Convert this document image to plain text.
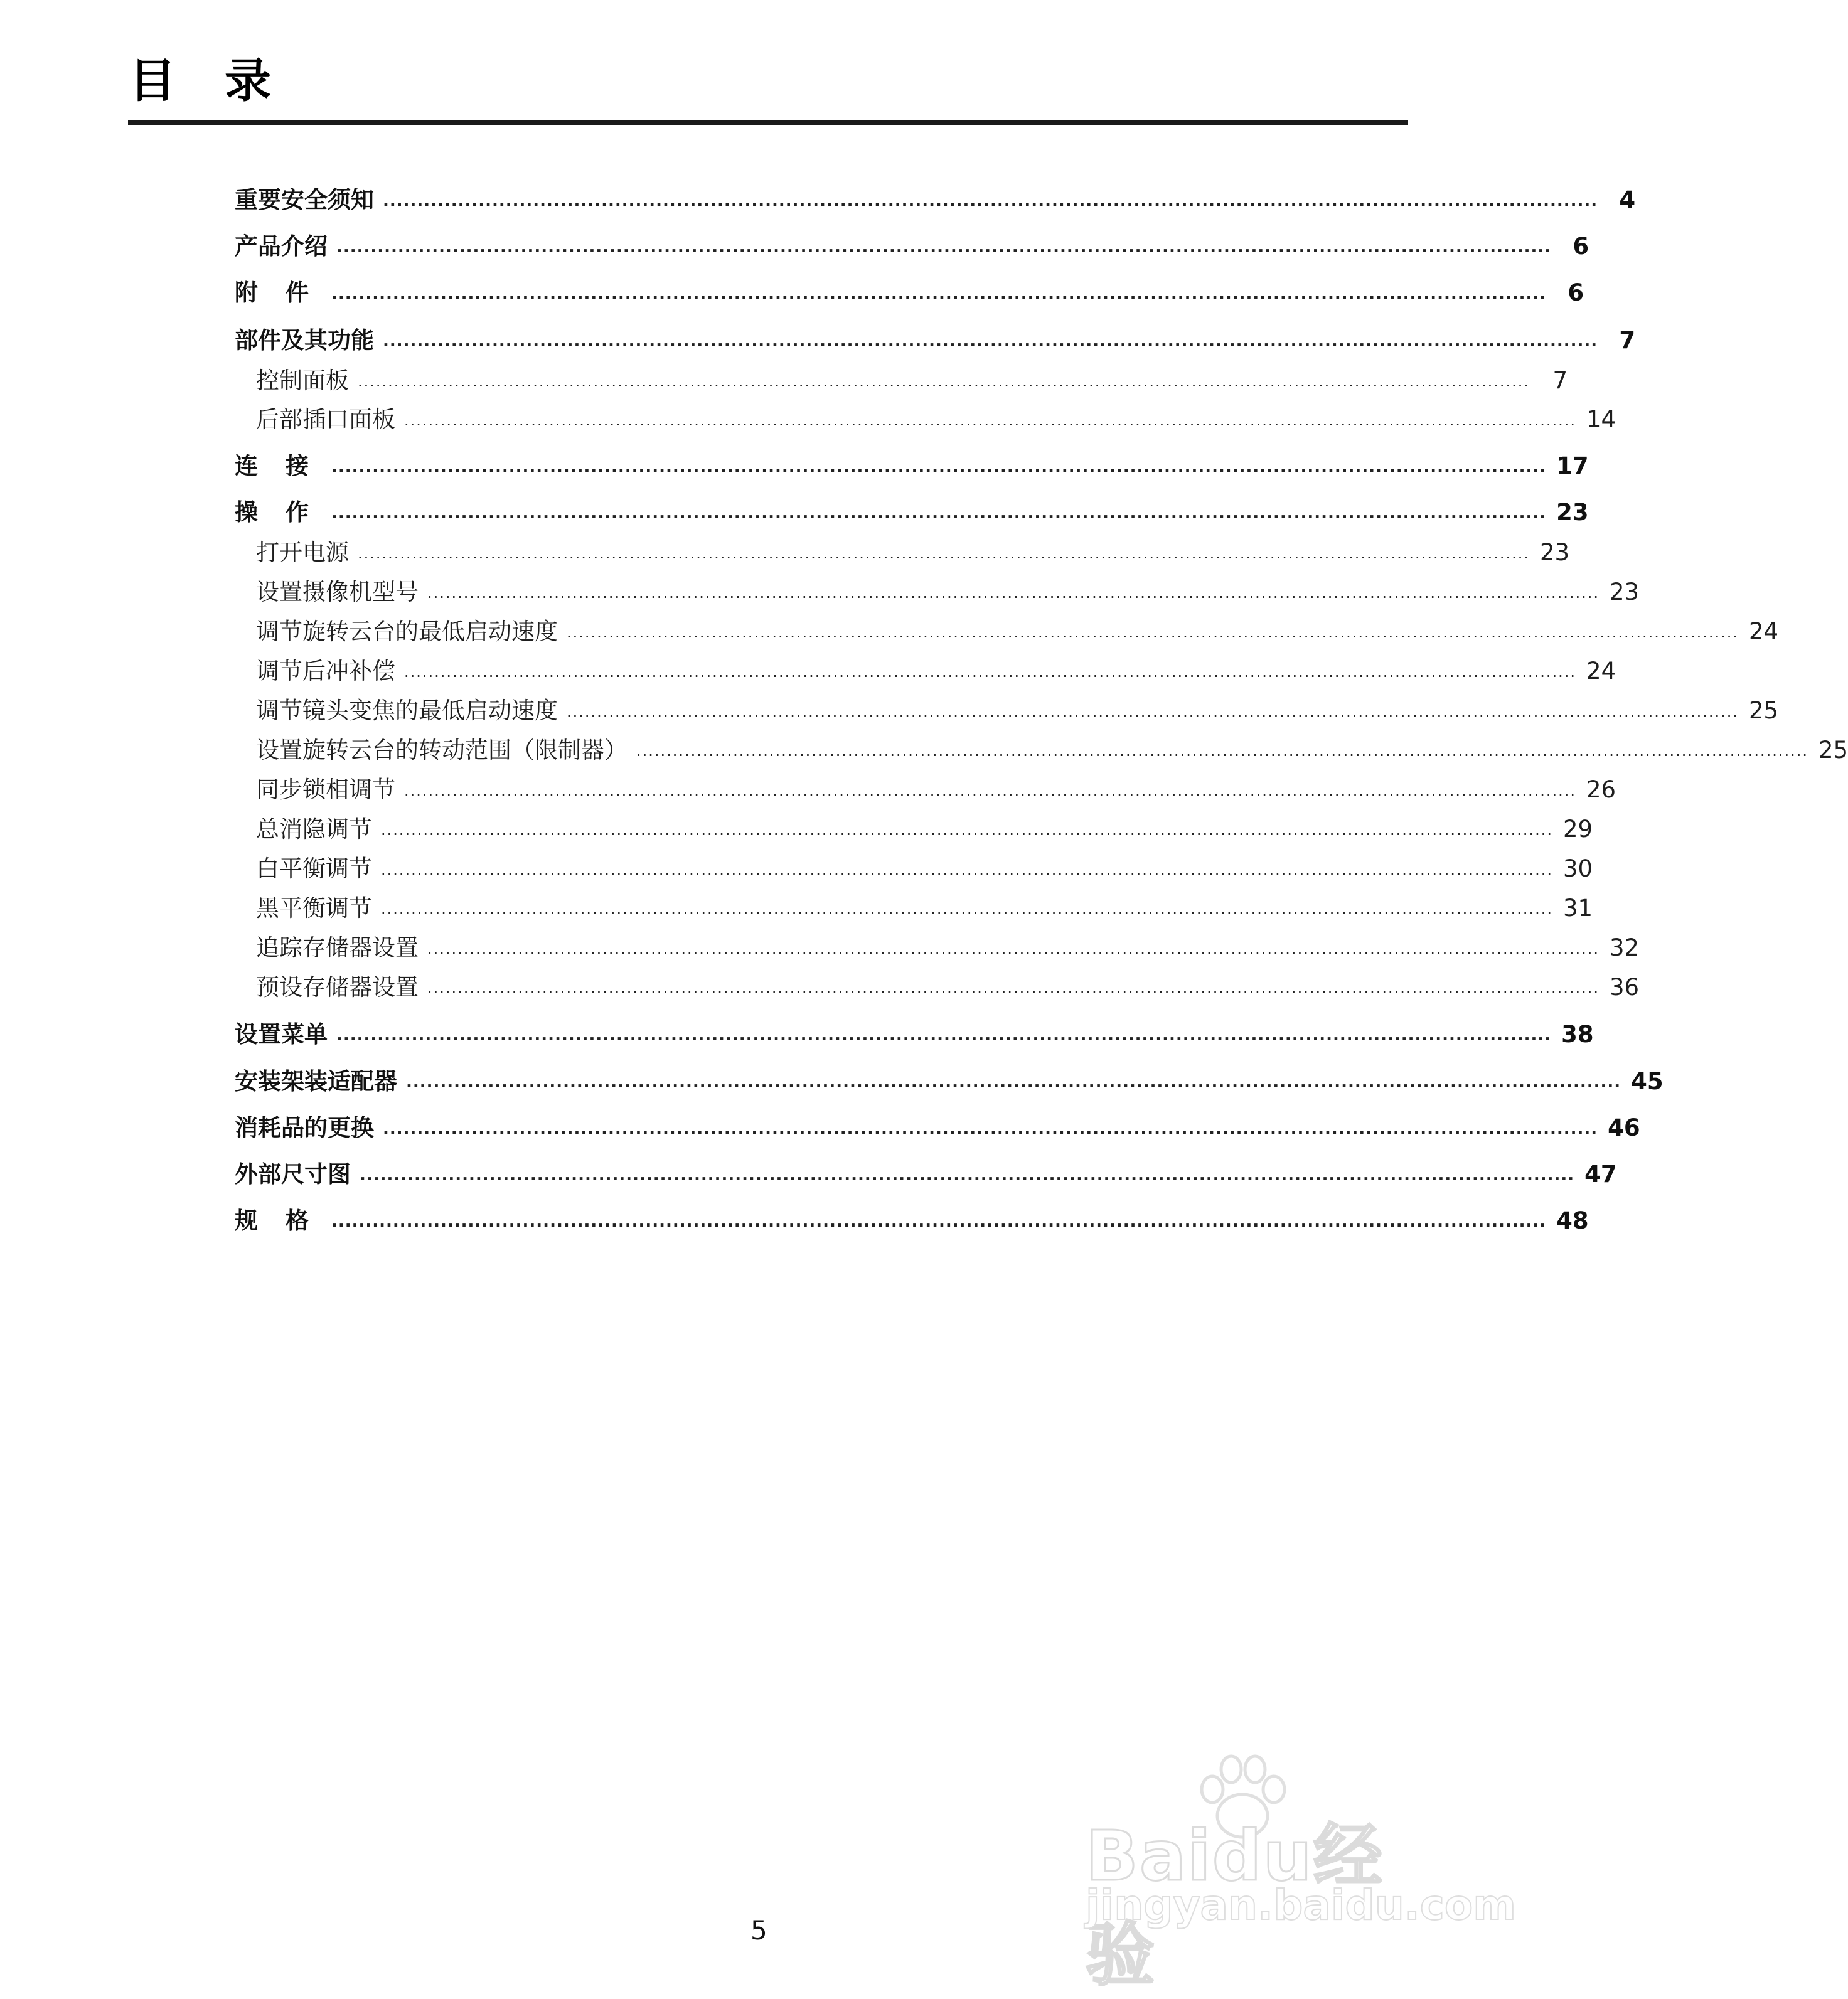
目录
重要安全须知 .................................................................................................................................................................................. 4
产品介绍 .................................................................................................................................................................................. 6
附件
.................................................................................................................................................................................. 6
部件及其功能 .................................................................................................................................................................................. 7
控制面板 .................................................................................................................................................................................................. 7
后部插口面板 .................................................................................................................................................................................................. 14
连接
.................................................................................................................................................................................. 17
操作
.................................................................................................................................................................................. 23
打开电源 .................................................................................................................................................................................................. 23
设置摄像机型号 .................................................................................................................................................................................................. 23
调节旋转云台的最低启动速度 .................................................................................................................................................................................................. 24
调节后冲补偿 .................................................................................................................................................................................................. 24
调节镜头变焦的最低启动速度 .................................................................................................................................................................................................. 25
设置旋转云台的转动范围（限制器） .................................................................................................................................................................................................. 25
同步锁相调节 .................................................................................................................................................................................................. 26
总消隐调节 .................................................................................................................................................................................................. 29
白平衡调节 .................................................................................................................................................................................................. 30
黑平衡调节 .................................................................................................................................................................................................. 31
追踪存储器设置 .................................................................................................................................................................................................. 32
预设存储器设置 .................................................................................................................................................................................................. 36
设置菜单 .................................................................................................................................................................................. 38
安装架装适配器 .................................................................................................................................................................................. 45
消耗品的更换 .................................................................................................................................................................................. 46
外部尺寸图 .................................................................................................................................................................................. 47
规格
.................................................................................................................................................................................. 48
5
Baidu经验
jingyan.baidu.com
